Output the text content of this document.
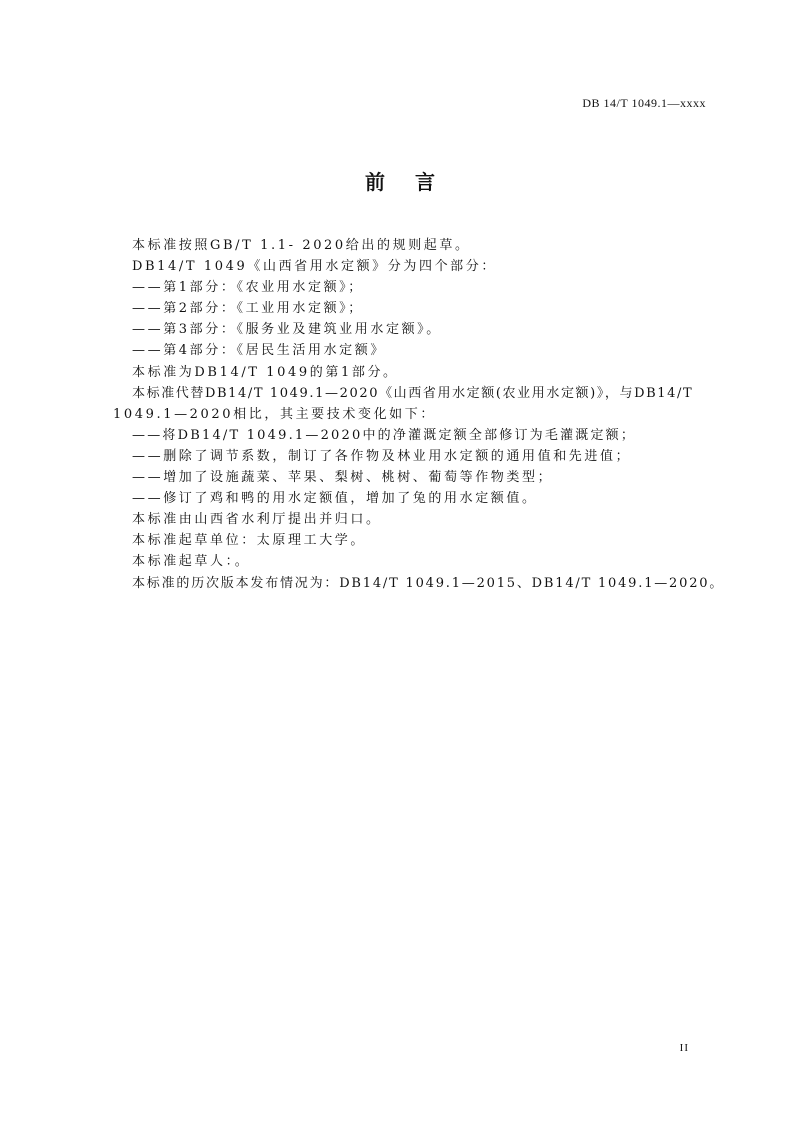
DB 14/T 1049.1—xxxx
前言
本标准按照GB/T 1.1- 2020给出的规则起草。
DB14/T 1049《山西省用水定额》分为四个部分：
——第1部分：《农业用水定额》；
——第2部分：《工业用水定额》；
——第3部分：《服务业及建筑业用水定额》。
——第4部分：《居民生活用水定额》
本标准为DB14/T 1049的第1部分。
本标准代替DB14/T 1049.1—2020《山西省用水定额(农业用水定额)》，与DB14/T
1049.1—2020相比，其主要技术变化如下：
——将DB14/T 1049.1—2020中的净灌溉定额全部修订为毛灌溉定额；
——删除了调节系数，制订了各作物及林业用水定额的通用值和先进值；
——增加了设施蔬菜、苹果、梨树、桃树、葡萄等作物类型；
——修订了鸡和鸭的用水定额值，增加了兔的用水定额值。
本标准由山西省水利厅提出并归口。
本标准起草单位：太原理工大学。
本标准起草人：。
本标准的历次版本发布情况为：DB14/T 1049.1—2015、DB14/T 1049.1—2020。
II
